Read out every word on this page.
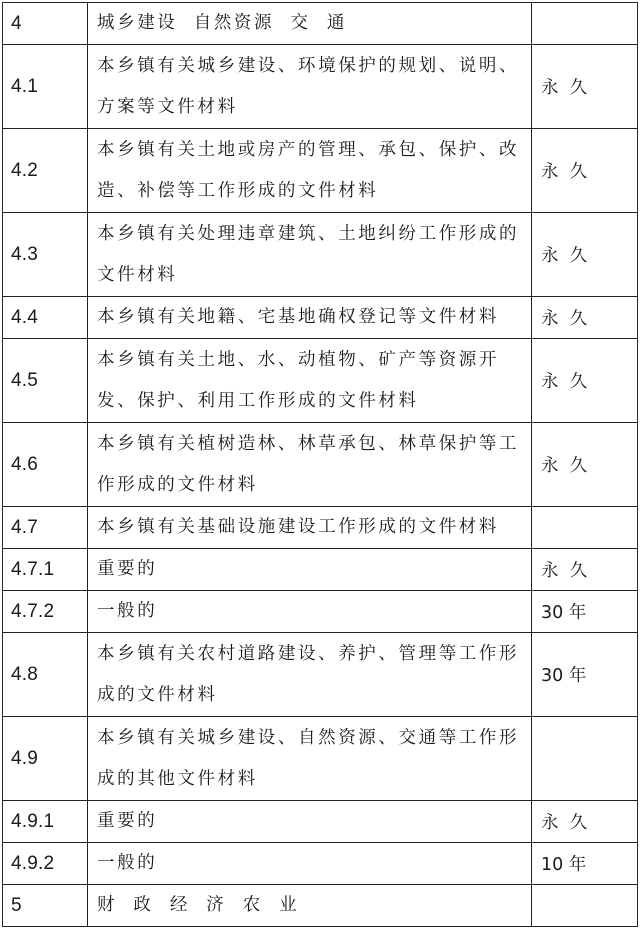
4	城乡建设  自然资源  交  通	
4.1	本乡镇有关城乡建设、环境保护的规划、说明、方案等文件材料	永  久
4.2	本乡镇有关土地或房产的管理、承包、保护、改造、补偿等工作形成的文件材料	永  久
4.3	本乡镇有关处理违章建筑、土地纠纷工作形成的文件材料	永  久
4.4	本乡镇有关地籍、宅基地确权登记等文件材料	永  久
4.5	本乡镇有关土地、水、动植物、矿产等资源开发、保护、利用工作形成的文件材料	永  久
4.6	本乡镇有关植树造林、林草承包、林草保护等工作形成的文件材料	永  久
4.7	本乡镇有关基础设施建设工作形成的文件材料	
4.7.1	重要的	永  久
4.7.2	一般的	30 年
4.8	本乡镇有关农村道路建设、养护、管理等工作形成的文件材料	30 年
4.9	本乡镇有关城乡建设、自然资源、交通等工作形成的其他文件材料	
4.9.1	重要的	永  久
4.9.2	一般的	10 年
5	财  政  经  济  农  业	
